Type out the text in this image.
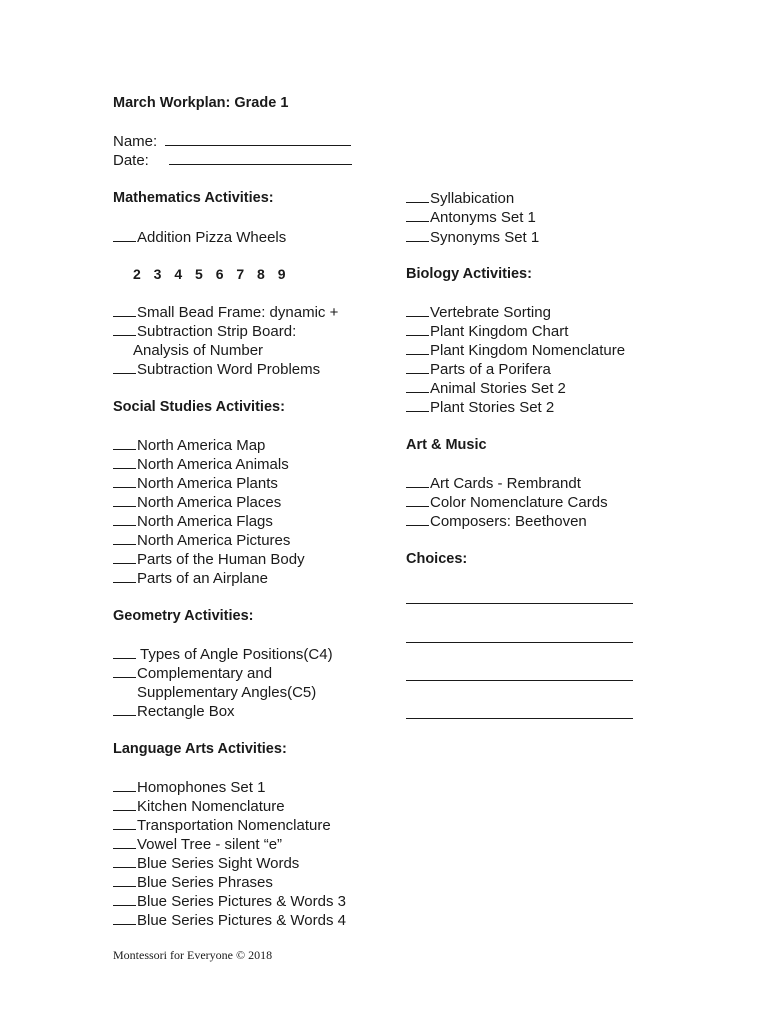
March Workplan: Grade 1
Name:
Date:
Mathematics Activities:
Addition Pizza Wheels
2 3 4 5 6 7 8 9
Small Bead Frame: dynamic +
Subtraction Strip Board:
Analysis of Number
Subtraction Word Problems
Social Studies Activities:
North America Map
North America Animals
North America Plants
North America Places
North America Flags
North America Pictures
Parts of the Human Body
Parts of an Airplane
Geometry Activities:
Types of Angle Positions(C4)
Complementary and
Supplementary Angles(C5)
Rectangle Box
Language Arts Activities:
Homophones Set 1
Kitchen Nomenclature
Transportation Nomenclature
Vowel Tree - silent “e”
Blue Series Sight Words
Blue Series Phrases
Blue Series Pictures & Words 3
Blue Series Pictures & Words 4
Syllabication
Antonyms Set 1
Synonyms Set 1
Biology Activities:
Vertebrate Sorting
Plant Kingdom Chart
Plant Kingdom Nomenclature
Parts of a Porifera
Animal Stories Set 2
Plant Stories Set 2
Art & Music
Art Cards - Rembrandt
Color Nomenclature Cards
Composers: Beethoven
Choices:
Montessori for Everyone © 2018
